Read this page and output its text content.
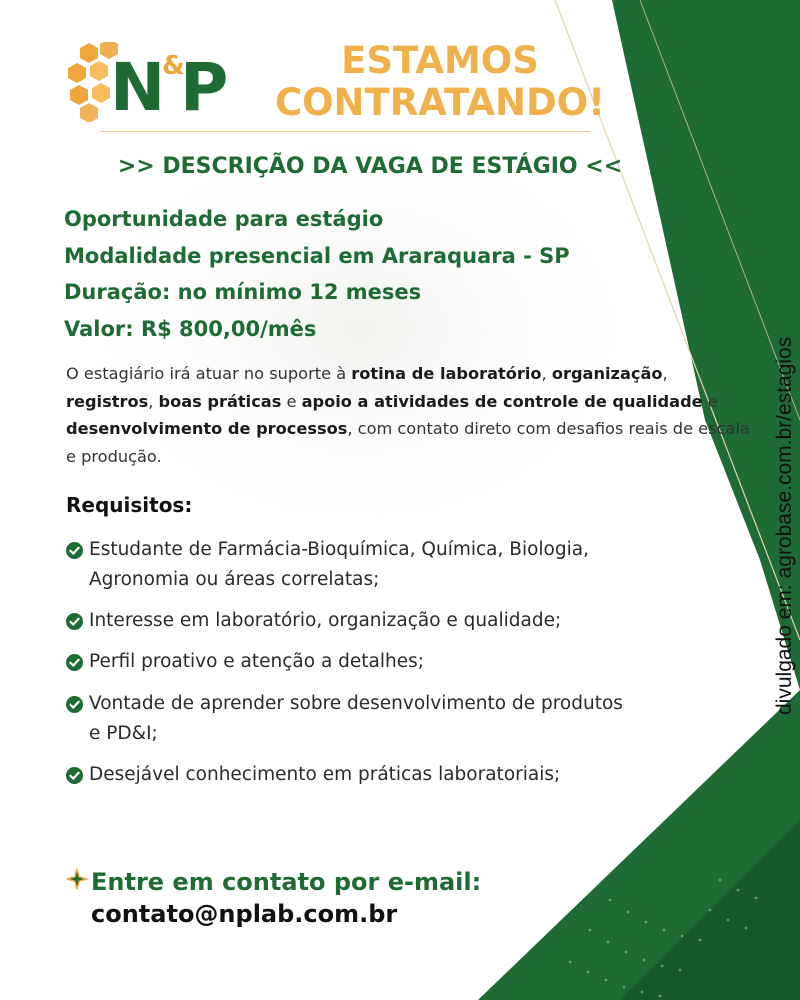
N
&
P	ESTAMOS
CONTRATANDO!
>> DESCRIÇÃO DA VAGA DE ESTÁGIO <<
Oportunidade para estágio
Modalidade presencial em Araraquara - SP
Duração: no mínimo 12 meses
Valor: R$ 800,00/mês

O estagiário irá atuar no suporte à rotina de laboratório, organização, registros, boas práticas e apoio a atividades de controle de qualidade e desenvolvimento de processos, com contato direto com desafios reais de escala e produção.

Requisitos:
Estudante de Farmácia-Bioquímica, Química, Biologia, Agronomia ou áreas correlatas;
Interesse em laboratório, organização e qualidade;
Perfil proativo e atenção a detalhes;
Vontade de aprender sobre desenvolvimento de produtos e PD&I;
Desejável conhecimento em práticas laboratoriais;
Entre em contato por e-mail:
contato@nplab.com.br
divulgado em: agrobase.com.br/estagios
